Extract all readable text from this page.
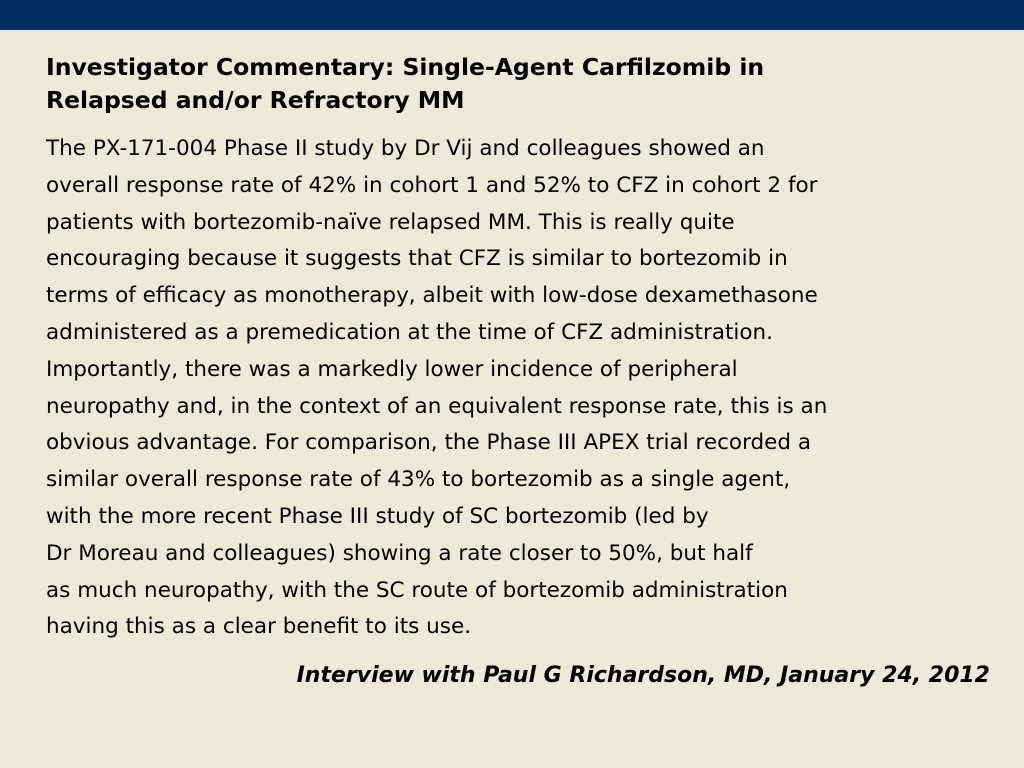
Investigator Commentary: Single-Agent Carfilzomib in
Relapsed and/or Refractory MM
The PX-171-004 Phase II study by Dr Vij and colleagues showed an
overall response rate of 42% in cohort 1 and 52% to CFZ in cohort 2 for
patients with bortezomib-naïve relapsed MM. This is really quite
encouraging because it suggests that CFZ is similar to bortezomib in
terms of efficacy as monotherapy, albeit with low-dose dexamethasone
administered as a premedication at the time of CFZ administration.
Importantly, there was a markedly lower incidence of peripheral
neuropathy and, in the context of an equivalent response rate, this is an
obvious advantage. For comparison, the Phase III APEX trial recorded a
similar overall response rate of 43% to bortezomib as a single agent,
with the more recent Phase III study of SC bortezomib (led by
Dr Moreau and colleagues) showing a rate closer to 50%, but half
as much neuropathy, with the SC route of bortezomib administration
having this as a clear benefit to its use.

Interview with Paul G Richardson, MD, January 24, 2012
